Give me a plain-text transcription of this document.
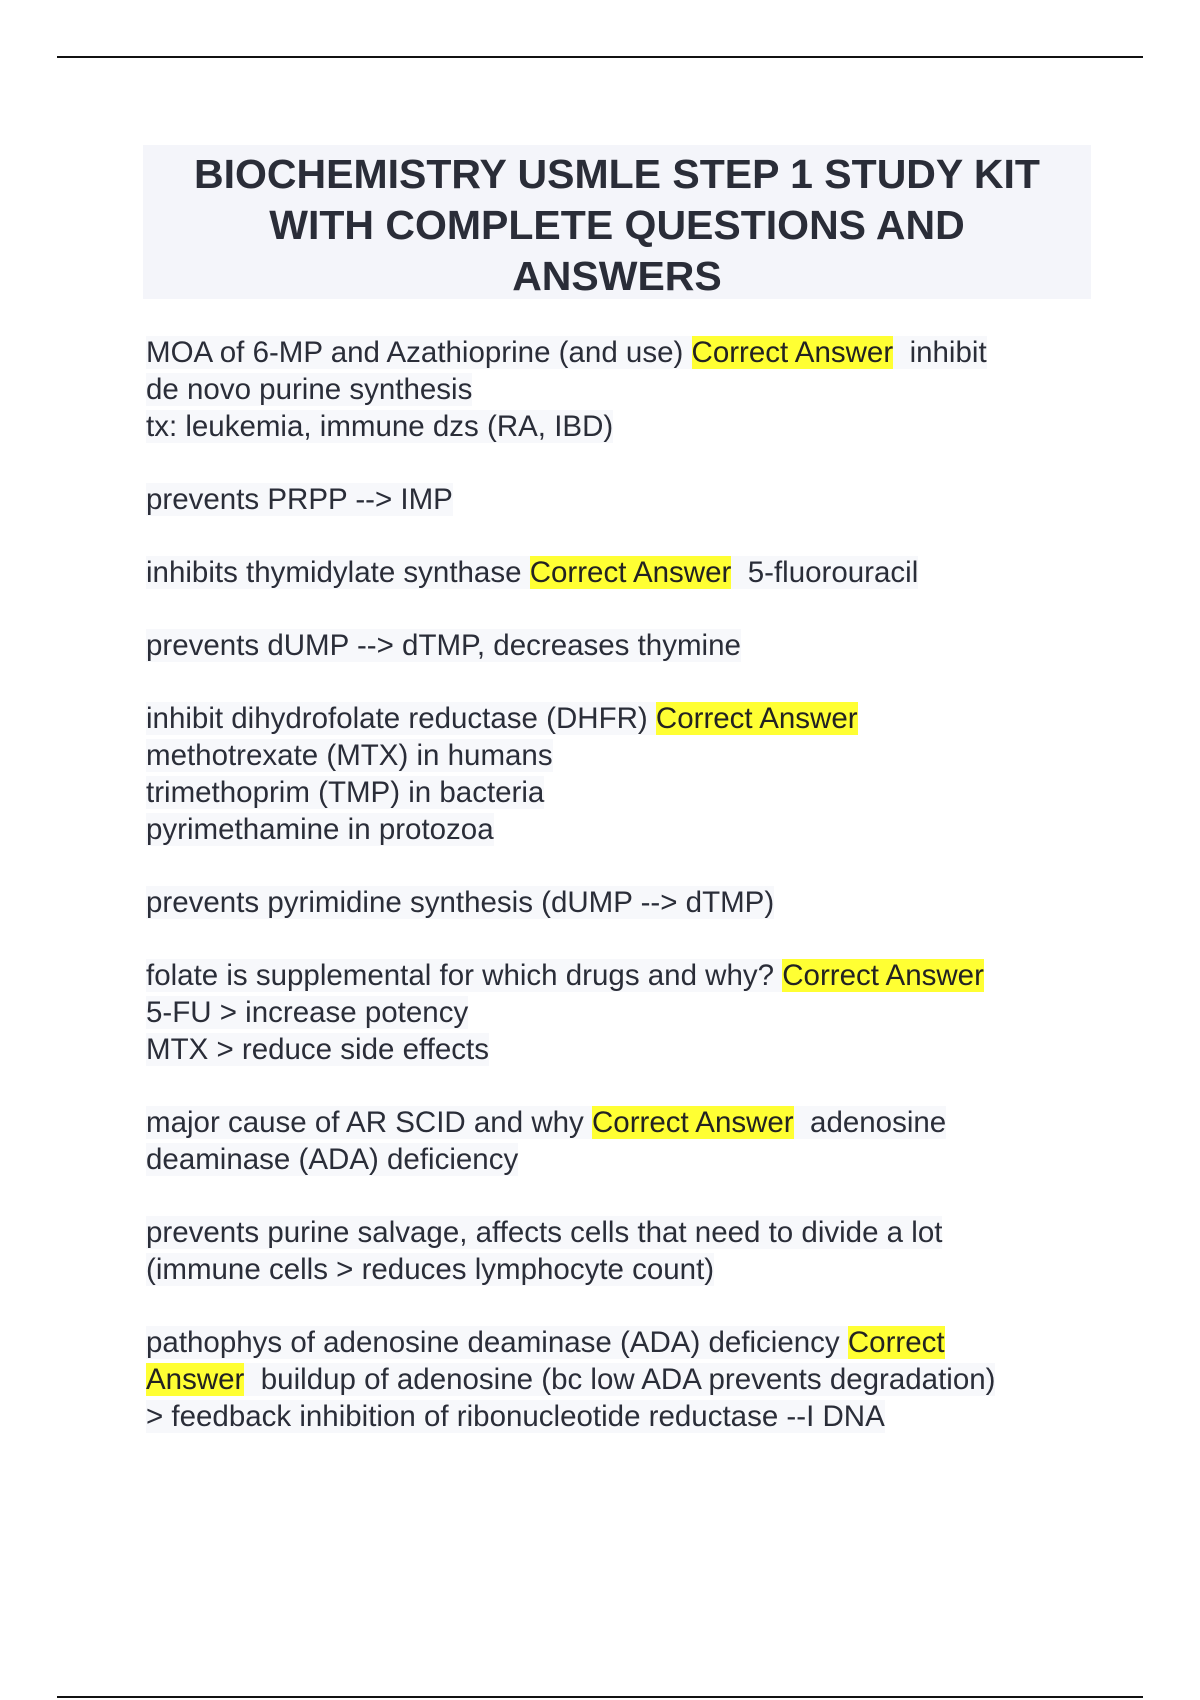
BIOCHEMISTRY USMLE STEP 1 STUDY KIT
WITH COMPLETE QUESTIONS AND
ANSWERS
MOA of 6-MP and Azathioprine (and use) Correct Answer  inhibit
de novo purine synthesis
tx: leukemia, immune dzs (RA, IBD)
prevents PRPP --> IMP
inhibits thymidylate synthase Correct Answer  5-fluorouracil
prevents dUMP --> dTMP, decreases thymine
inhibit dihydrofolate reductase (DHFR) Correct Answer
methotrexate (MTX) in humans
trimethoprim (TMP) in bacteria
pyrimethamine in protozoa
prevents pyrimidine synthesis (dUMP --> dTMP)
folate is supplemental for which drugs and why? Correct Answer
5-FU > increase potency
MTX > reduce side effects
major cause of AR SCID and why Correct Answer  adenosine
deaminase (ADA) deficiency
prevents purine salvage, affects cells that need to divide a lot
(immune cells > reduces lymphocyte count)
pathophys of adenosine deaminase (ADA) deficiency Correct
Answer  buildup of adenosine (bc low ADA prevents degradation)
> feedback inhibition of ribonucleotide reductase --I DNA
